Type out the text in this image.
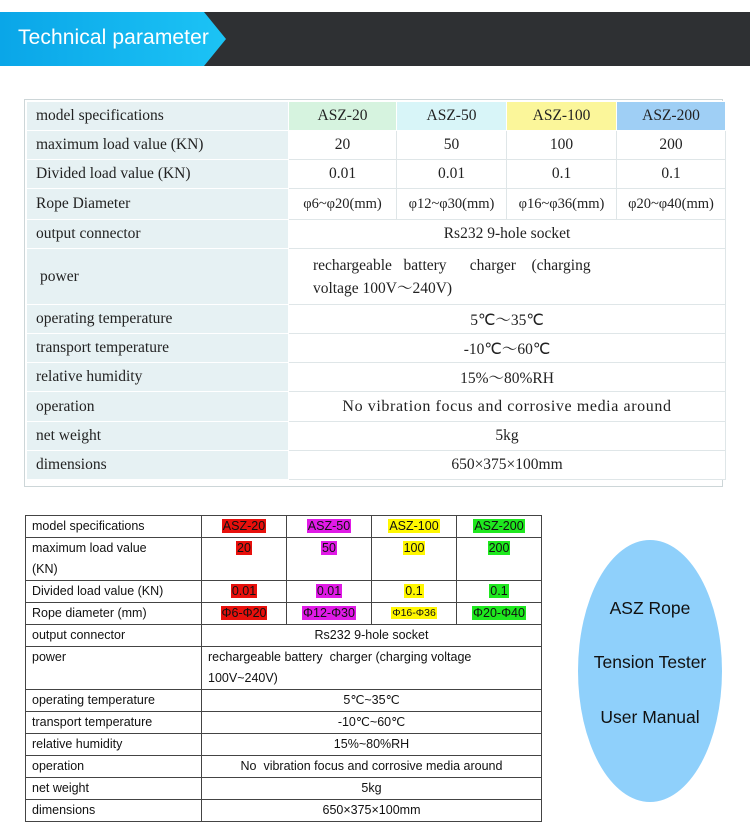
Technical parameter
model specifications	ASZ-20	ASZ-50	ASZ-100	ASZ-200
maximum load value (KN)	20	50	100	200
Divided load value (KN)	0.01	0.01	0.1	0.1
Rope Diameter	φ6~φ20(mm)	φ12~φ30(mm)	φ16~φ36(mm)	φ20~φ40(mm)
output connector	Rs232 9-hole socket			
power	rechargeable   battery      charger    (charging
voltage 100V～240V)			

operating temperature	5℃～35℃			
transport temperature	-10℃～60℃			
relative humidity	15%～80%RH			
operation	No vibration focus and corrosive media around			
net weight	5kg			
dimensions	650×375×100mm			
model specifications	ASZ-20	ASZ-50	ASZ-100	ASZ-200

maximum load value
(KN)	20	50	100	200
Divided load value (KN)	0.01	0.01	0.1	0.1
Rope diameter (mm)	Φ6-Φ20	Φ12-Φ30	Φ16-Φ36	Φ20-Φ40
output connector	Rs232 9-hole socket			
power	rechargeable battery  charger (charging voltage
100V~240V)			

operating temperature	5℃~35℃			
transport temperature	-10℃~60℃			
relative humidity	15%~80%RH			
operation	No  vibration focus and corrosive media around			
net weight	5kg			
dimensions	650×375×100mm			
ASZ Rope
Tension Tester
User Manual
